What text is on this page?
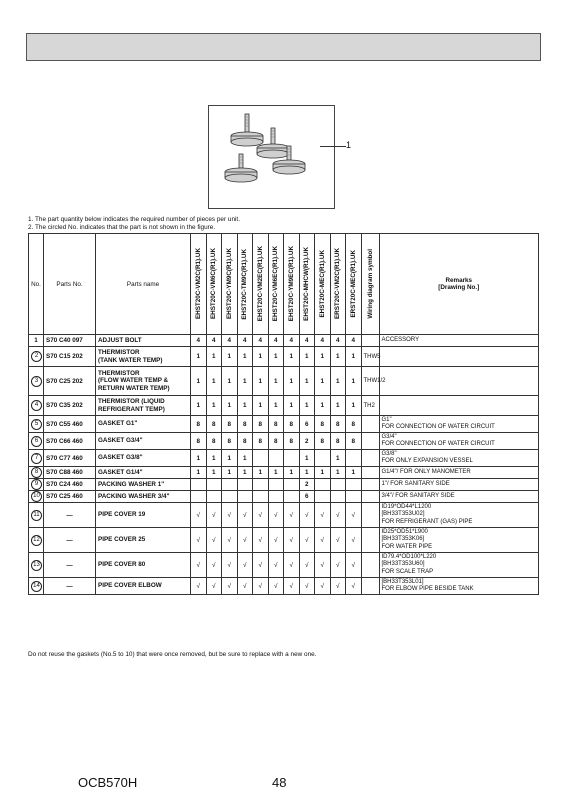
1
1. The part quantity below indicates the required number of pieces per unit.
2. The circled No. indicates that the part is not shown in the figure.
No.	Parts No.	Parts name	EHST20C-VM2C(R1).UK	EHST20C-VM6C(R1).UK	EHST20C-YM9C(R1).UK	EHST20C-TM9C(R1).UK	EHST20C-VM2EC(R1).UK	EHST20C-VM6EC(R1).UK	EHST20C-YM9EC(R1).UK	EHST20C-MHCW(R1).UK	EHST20C-MEC(R1).UK	ERST20C-VM2C(R1).UK	ERST20C-MEC(R1).UK	Wiring diagram symbol	Remarks
[Drawing No.]

1	S70 C40 097	ADJUST BOLT	4	4	4	4	4	4	4	4	4	4	4		ACCESSORY

2	S70 C15 202	THERMISTOR
(TANK WATER TEMP)	1	1	1	1	1	1	1	1	1	1	1	THW5	

3	S70 C25 202	THERMISTOR
(FLOW WATER TEMP &
RETURN WATER TEMP)	1	1	1	1	1	1	1	1	1	1	1	THW1/2	

4	S70 C35 202	THERMISTOR (LIQUID
REFRIGERANT TEMP)	1	1	1	1	1	1	1	1	1	1	1	TH2	

5	S70 C55 460	GASKET G1"	8	8	8	8	8	8	8	6	8	8	8		G1"
FOR CONNECTION OF WATER CIRCUIT

6	S70 C66 460	GASKET G3/4"	8	8	8	8	8	8	8	2	8	8	8		G3/4"
FOR CONNECTION OF WATER CIRCUIT

7	S70 C77 460	GASKET G3/8"	1	1	1	1				1		1			G3/8"
FOR ONLY EXPANSION VESSEL

8	S70 C88 460	GASKET G1/4"	1	1	1	1	1	1	1	1	1	1	1		G1/4"/ FOR ONLY MANOMETER

9	S70 C24 460	PACKING WASHER 1"								2					1"/ FOR SANITARY SIDE

10	S70 C25 460	PACKING WASHER 3/4"								6					3/4"/ FOR SANITARY SIDE

11	—	PIPE COVER 19	√	√	√	√	√	√	√	√	√	√	√		ID19*OD44*L1200
[BH33T353U02]
FOR REFRIGERANT (GAS) PIPE

12	—	PIPE COVER 25	√	√	√	√	√	√	√	√	√	√	√		ID25*OD51*L900
[BH33T353K06]
FOR WATER PIPE

13	—	PIPE COVER 80	√	√	√	√	√	√	√	√	√	√	√		ID79.4*OD100*L220
[BH33T353U60]
FOR SCALE TRAP

14	—	PIPE COVER ELBOW	√	√	√	√	√	√	√	√	√	√	√		[BH33T353L01]
FOR ELBOW PIPE BESIDE TANK
Do not reuse the gaskets (No.5 to 10) that were once removed, but be sure to replace with a new one.
OCB570H	48
